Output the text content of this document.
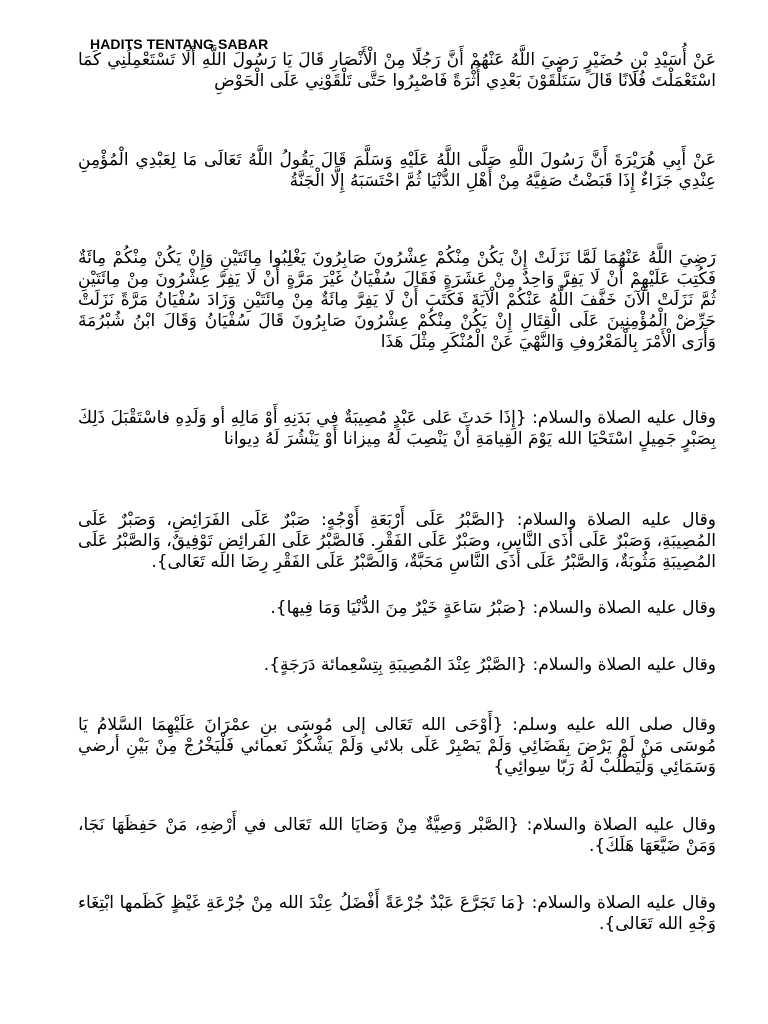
HADITS TENTANG SABAR

عَنْ أُسَيْدِ بْنِ حُضَيْرٍ رَضِيَ اللَّهُ عَنْهُمْ أَنَّ رَجُلًا مِنْ الْأَنْصَارِ قَالَ يَا رَسُولَ اللَّهِ أَلَا تَسْتَعْمِلُنِي كَمَا اسْتَعْمَلْتَ فُلَانًا قَالَ سَتَلْقَوْنَ بَعْدِي أُثْرَةً فَاصْبِرُوا حَتَّى تَلْقَوْنِي عَلَى الْحَوْضِ

عَنْ أَبِي هُرَيْرَةَ أَنَّ رَسُولَ اللَّهِ صَلَّى اللَّهُ عَلَيْهِ وَسَلَّمَ قَالَ يَقُولُ اللَّهُ تَعَالَى مَا لِعَبْدِي الْمُؤْمِنِ عِنْدِي جَزَاءٌ إِذَا قَبَضْتُ صَفِيَّهُ مِنْ أَهْلِ الدُّنْيَا ثُمَّ احْتَسَبَهُ إِلَّا الْجَنَّةُ

رَضِيَ اللَّهُ عَنْهُمَا لَمَّا نَزَلَتْ إِنْ يَكُنْ مِنْكُمْ عِشْرُونَ صَابِرُونَ يَغْلِبُوا مِائَتَيْنِ وَإِنْ يَكُنْ مِنْكُمْ مِائَةٌ فَكُتِبَ عَلَيْهِمْ أَنْ لَا يَفِرَّ وَاحِدٌ مِنْ عَشَرَةٍ فَقَالَ سُفْيَانُ غَيْرَ مَرَّةٍ أَنْ لَا يَفِرَّ عِشْرُونَ مِنْ مِائَتَيْنِ ثُمَّ نَزَلَتْ الْآنَ خَفَّفَ اللَّهُ عَنْكُمْ الْآيَةَ فَكَتَبَ أَنْ لَا يَفِرَّ مِائَةٌ مِنْ مِائَتَيْنِ وَزَادَ سُفْيَانُ مَرَّةً نَزَلَتْ حَرِّضْ الْمُؤْمِنِينَ عَلَى الْقِتَالِ إِنْ يَكُنْ مِنْكُمْ عِشْرُونَ صَابِرُونَ قَالَ سُفْيَانُ وَقَالَ ابْنُ شُبْرُمَةَ وَأَرَى الْأَمْرَ بِالْمَعْرُوفِ وَالنَّهْيَ عَنْ الْمُنْكَرِ مِثْلَ هَذَا

وقال عليه الصلاة والسلام: {إِذَا حَدثَ عَلى عَبْدٍ مُصِيبَةٌ في بَدَنِهِ أَوْ مَالِهِ أو وَلَدِهِ فاسْتَقْبَلَ ذَلِكَ بِصَبْرٍ جَمِيلٍ اسْتَحْيَا الله يَوْمَ القِيامَةِ أَنْ يَنْصِبَ لَهُ مِيزانا أَوْ يَنْشُرَ لَهُ دِيوانا

وقال عليه الصلاة والسلام: {الصَّبْرُ عَلَى أَرْبَعَةِ أَوْجُهٍ: صَبْرٌ عَلَى الفَرَائِضِ، وَصَبْرٌ عَلَى المُصِيبَةِ، وَصَبْرٌ عَلَى أَذَى النَّاسِ، وصَبْرٌ عَلَى الفَقْرِ. فَالصَّبْرُ عَلَى الفَرائِضِ تَوْفِيقٌ، وَالصَّبْرُ عَلَى المُصِيبَةِ مَثُوبَةٌ، وَالصَّبْرُ عَلَى أَذَى النَّاسِ مَحَبَّةٌ، وَالصَّبْرُ عَلَى الفَقْرِ رِضَا الله تَعَالى}.

وقال عليه الصلاة والسلام: {صَبْرُ سَاعَةٍ خَيْرٌ مِنَ الدُّنْيَا وَمَا فِيها}.

وقال عليه الصلاة والسلام: {الصَّبْرُ عِنْدَ المُصِيبَةِ بِتِسْعِمائة دَرَجَةٍ}.

وقال صلى الله عليه وسلم: {أَوْحَى الله تَعَالى إلى مُوسَى بنِ عمْرَانَ عَلَيْهِمَا السَّلامُ يَا مُوسَى مَنْ لَمْ يَرْضَ بِقَضَائِي وَلَمْ يَصْبِرْ عَلَى بلائي وَلَمْ يَشْكُرْ نَعمائي فَلْيَخْرُجْ مِنْ بَيْنِ أرضي وَسَمَائِي وَلْيَطْلُبْ لَهُ رَبّا سِوائِي}

وقال عليه الصلاة والسلام: {الصَّبْر وَصِيَّةٌ مِنْ وَصَايَا الله تَعَالى في أَرْضِهِ، مَنْ حَفِظَهَا نَجَا، وَمَنْ ضَيَّعَهَا هَلَكَ}.

وقال عليه الصلاة والسلام: {مَا تَجَرَّعَ عَبْدٌ جُرْعَةً أَفْضَلُ عِنْدَ الله مِنْ جُرْعَةِ غَيْظٍ كَظَمها ابْتِغَاء وَجْهِ الله تَعَالى}.
